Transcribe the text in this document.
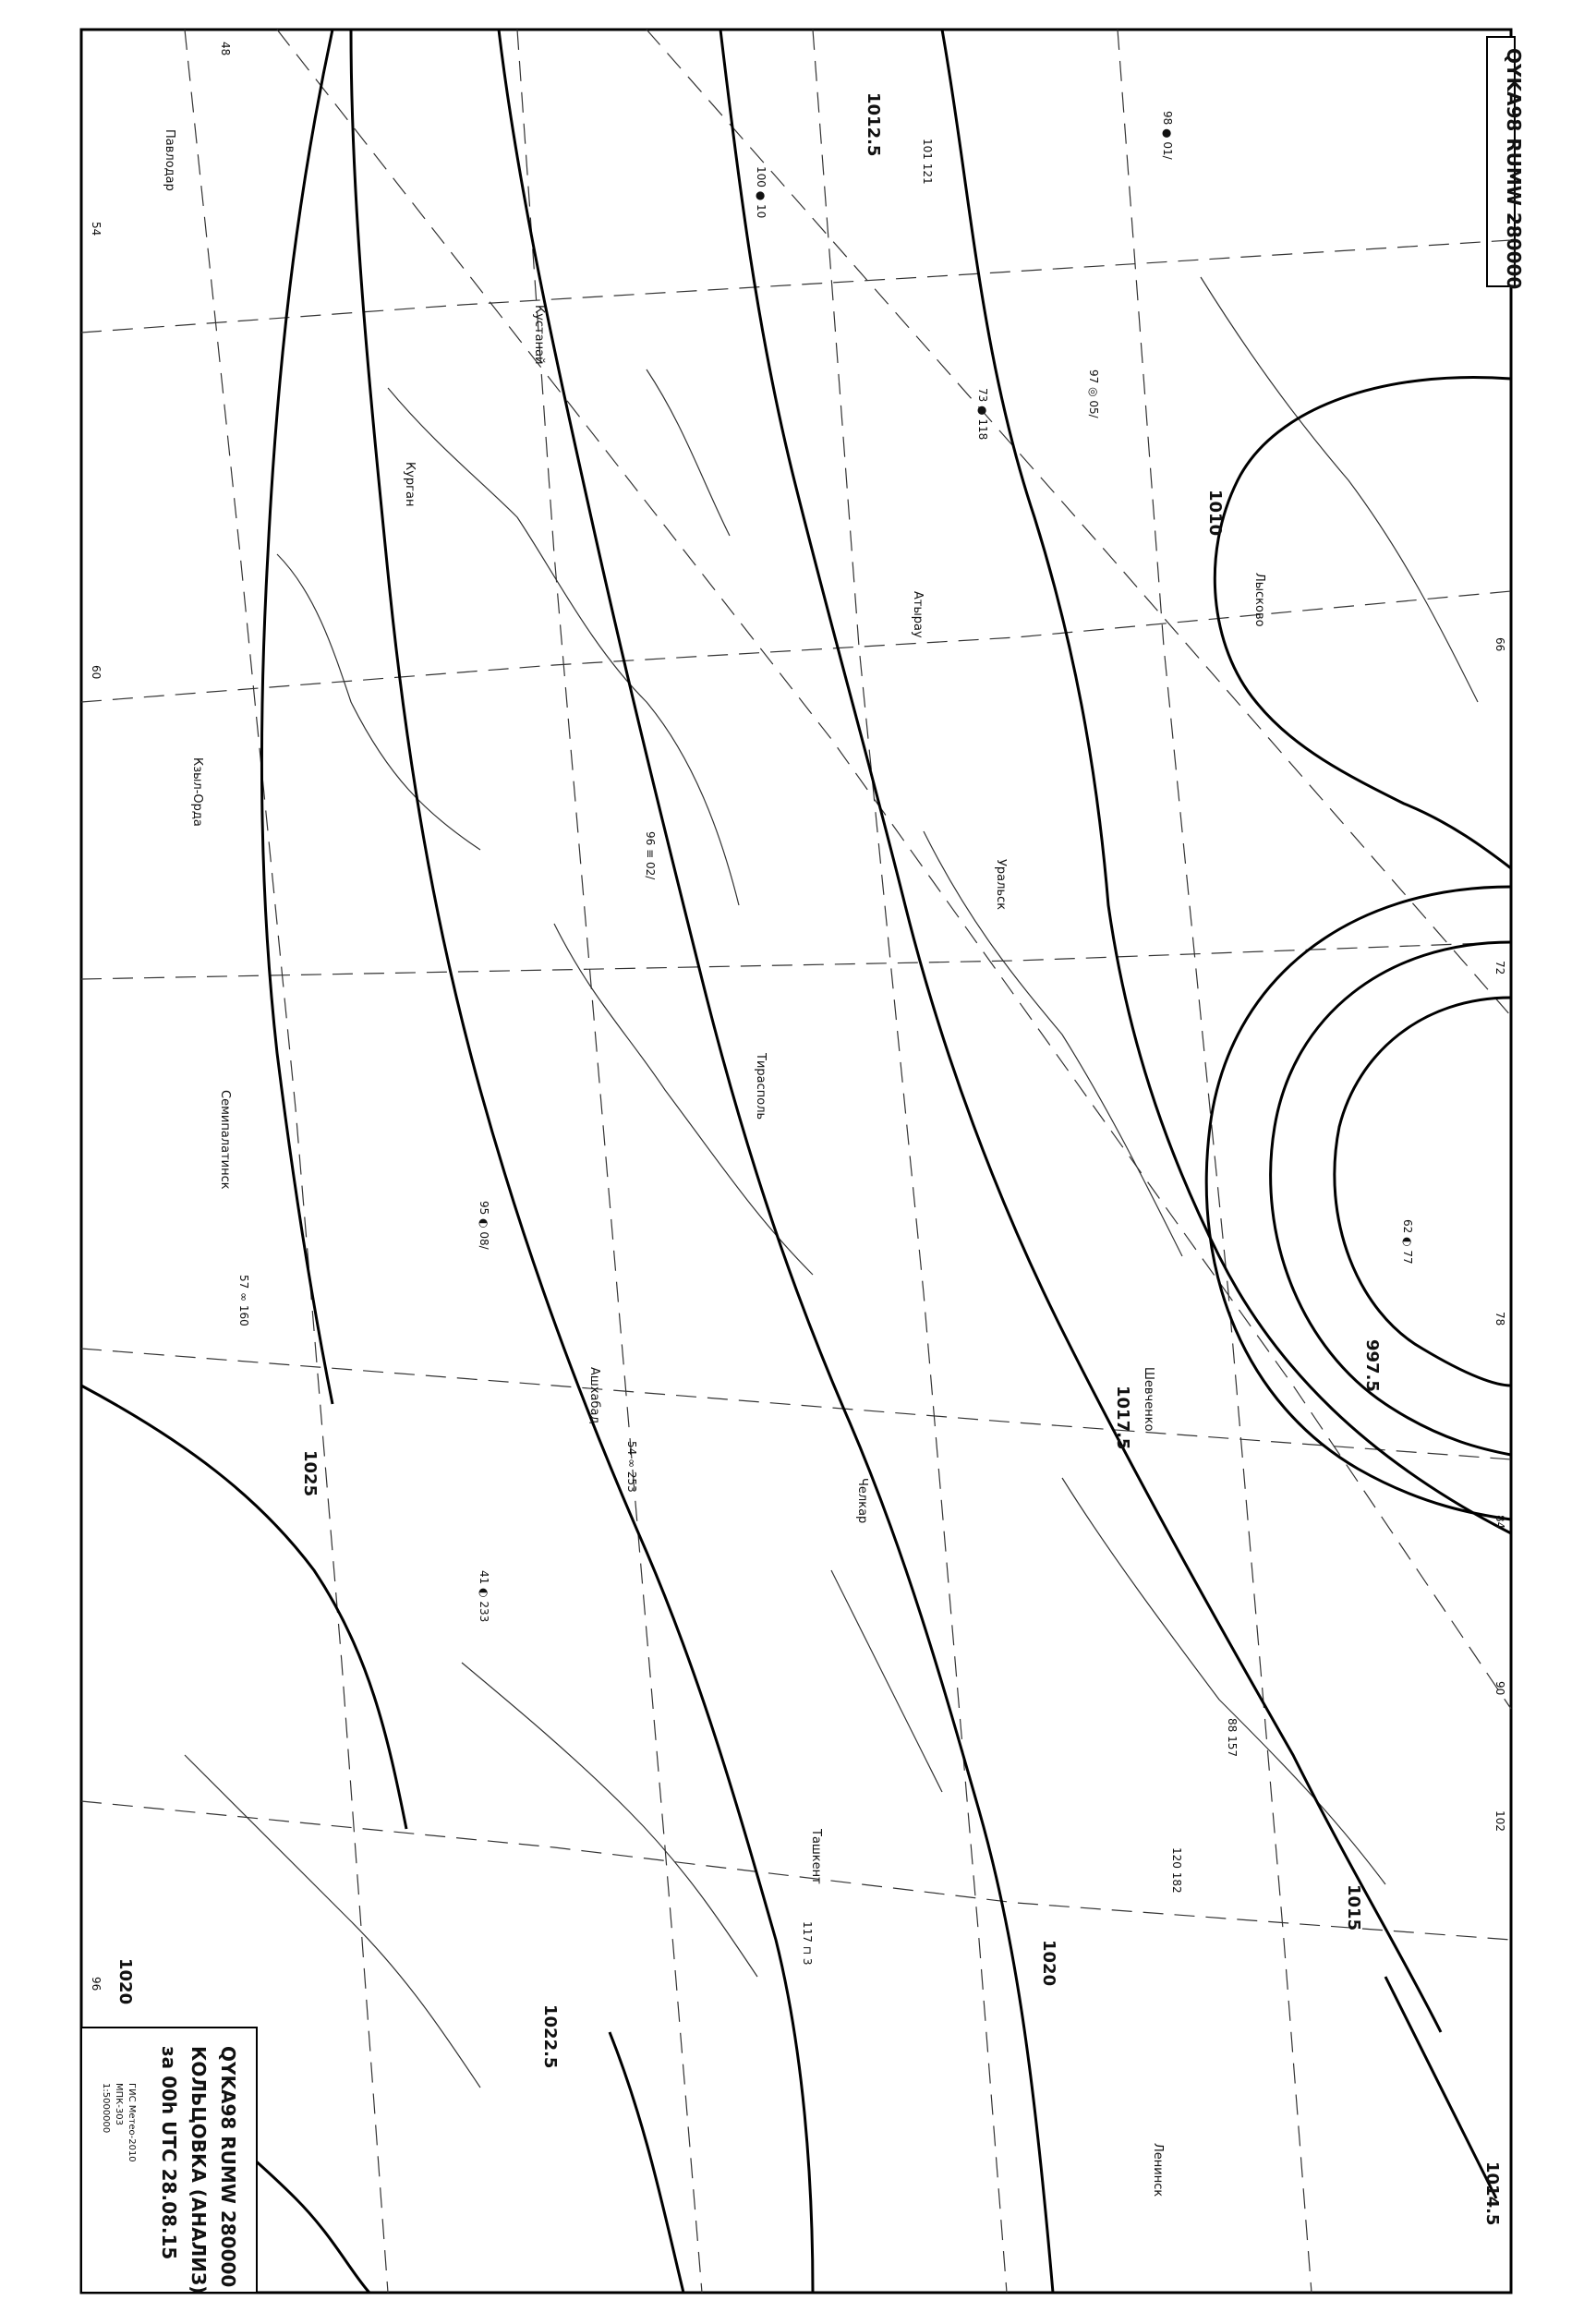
QYKA98 RUMW 280000
1010
1015
1020
1025
1022.5
1017.5
1012.5
997.5
1020
1014.5
48
54
60
66
72
78
84
90
96
102
Кустанай
Уральск
Семипалатинск
Шевченко
Атырау
Ашхабад
Лысково
Ленинск
Тирасполь
Курган
Павлодар
Кзыл-Орда
Ташкент
Челкар
98 ● 01/
97 ◎ 05/
96 ≡ 02/
95 ◐ 08/
100 ● 10
88 157
101 121
117 ⊓ 3
120 182
62 ◐ 77
54 ∞ 253
41 ◐ 233
73 ● 118
57 ∞ 160
QYKA98 RUMW 280000
КОЛЬЦОВКА (АНАЛИЗ)
за 00h UTC 28.08.15
ГИС Метео-2010
МПК-303
1:5000000
